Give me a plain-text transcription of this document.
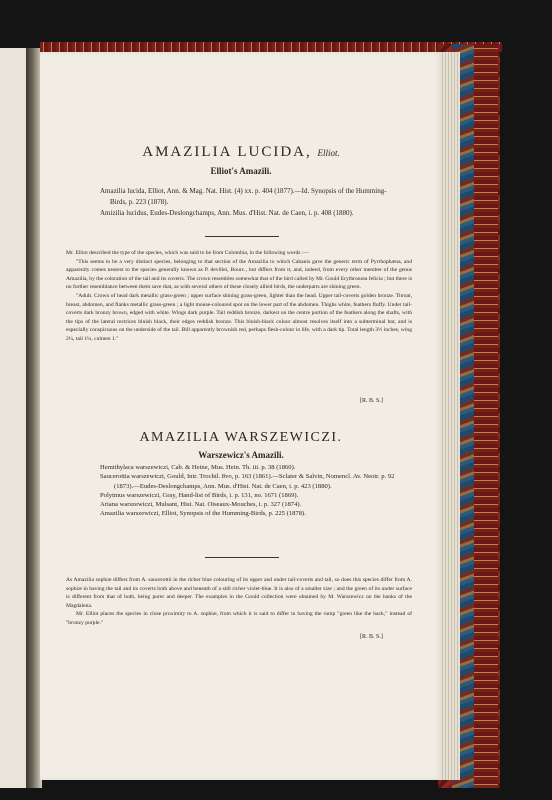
AMAZILIA LUCIDA, Elliot.
Elliot's Amazili.

Amazilia lucida, Elliot, Ann. & Mag. Nat. Hist. (4) xx. p. 404 (1877).—Id. Synopsis of the Humming-Birds, p. 223 (1878).

Amizilia lucidus, Eudes-Deslongchamps, Ann. Mus. d'Hist. Nat. de Caen, i. p. 408 (1880).

Mr. Elliot described the type of the species, which was said to be from Colombia, in the following words :—

"This seems to be a very distinct species, belonging to that section of the Amazilia to which Cabanis gave the generic term of Pyrrhophæna, and apparently comes nearest to the species generally known as P. devillei, Bourc., but differs from it, and, indeed, from every other member of the genus Amazilia, by the coloration of the tail and its coverts. The crown resembles somewhat that of the bird called by Mr. Gould Erythronota felicia ; but there is no further resemblance between them save that, as with several others of these closely allied birds, the underparts are shining green.

"Adult. Crown of head dark metallic grass-green ; upper surface shining grass-green, lighter than the head. Upper tail-coverts golden bronze. Throat, breast, abdomen, and flanks metallic grass-green ; a light mouse-coloured spot on the lower part of the abdomen. Thighs white, feathers fluffy. Under tail-coverts dark bronzy brown, edged with white. Wings dark purple. Tail reddish bronze, darkest on the centre portion of the feathers along the shafts, with the tips of the lateral rectrices bluish black, their edges reddish bronze. This bluish-black colour almost resolves itself into a subterminal bar, and is especially conspicuous on the underside of the tail. Bill apparently brownish red, perhaps flesh-colour in life, with a dark tip. Total length 3½ inches, wing 2¼, tail 1¼, culmen 1."

[R. B. S.]
AMAZILIA WARSZEWICZI.
Warszewicz's Amazili.

Hemithylaca warszewiczi, Cab. & Heine, Mus. Hein. Th. iii. p. 38 (1860).

Saucerottia warszewiczi, Gould, Intr. Trochil. 8vo, p. 163 (1861).—Sclater & Salvin, Nomencl. Av. Neotr. p. 92 (1873).—Eudes-Deslongchamps, Ann. Mus. d'Hist. Nat. de Caen, i. p. 423 (1880).

Polytmus warszewiczi, Gray, Hand-list of Birds, i. p. 131, no. 1671 (1869).

Ariana warszewiczi, Mulsant, Hist. Nat. Oiseaux-Mouches, i. p. 327 (1874).

Amazilia warszewiczi, Elliot, Synopsis of the Humming-Birds, p. 225 (1878).

As Amazilia sophiæ differs from A. saucerottii in the richer blue colouring of its upper and under tail-coverts and tail, so does this species differ from A. sophiæ in having the tail and its coverts both above and beneath of a still richer violet-blue. It is also of a smaller size ; and the green of its under surface is different from that of both, being purer and deeper. The examples in the Gould collection were obtained by M. Warszewicz on the banks of the Magdalena.

Mr. Elliot places the species in close proximity to A. sophiæ, from which it is said to differ in having the rump "green like the back," instead of "bronzy purple."

[R. B. S.]
